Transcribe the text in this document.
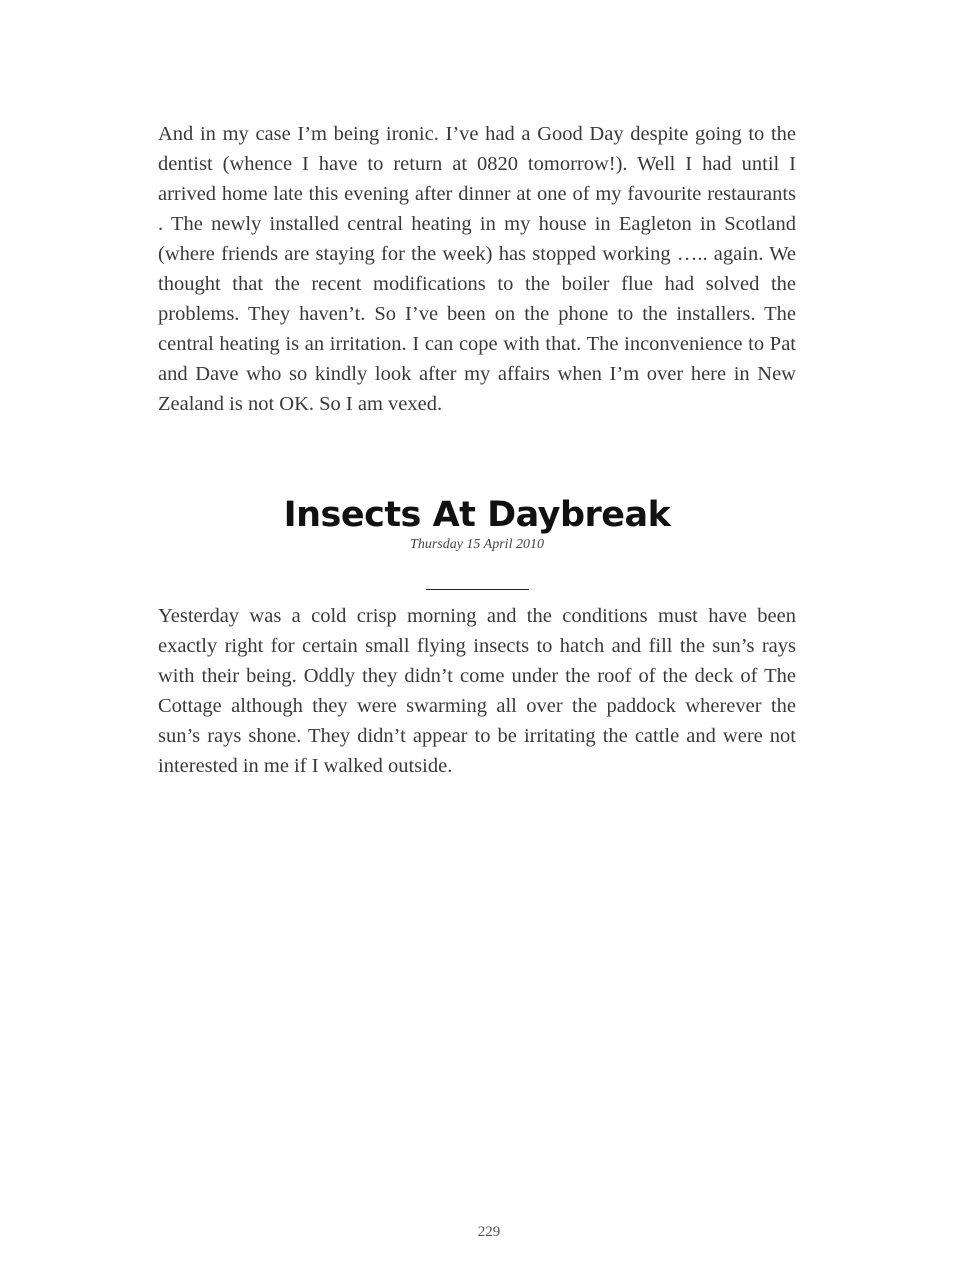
And in my case I’m being ironic. I’ve had a Good Day despite going to the dentist (whence I have to return at 0820 tomorrow!). Well I had until I arrived home late this evening after dinner at one of my favourite restaurants . The newly installed central heating in my house in Eagleton in Scotland (where friends are staying for the week) has stopped working ….. again. We thought that the recent modifications to the boiler flue had solved the problems. They haven’t. So I’ve been on the phone to the installers. The central heating is an irritation. I can cope with that. The inconvenience to Pat and Dave who so kindly look after my affairs when I’m over here in New Zealand is not OK. So I am vexed.

Insects At Daybreak
Thursday 15 April 2010

Yesterday was a cold crisp morning and the conditions must have been exactly right for certain small flying insects to hatch and fill the sun’s rays with their being. Oddly they didn’t come under the roof of the deck of The Cottage although they were swarming all over the paddock wherever the sun’s rays shone. They didn’t appear to be irritating the cattle and were not interested in me if I walked outside.

229
